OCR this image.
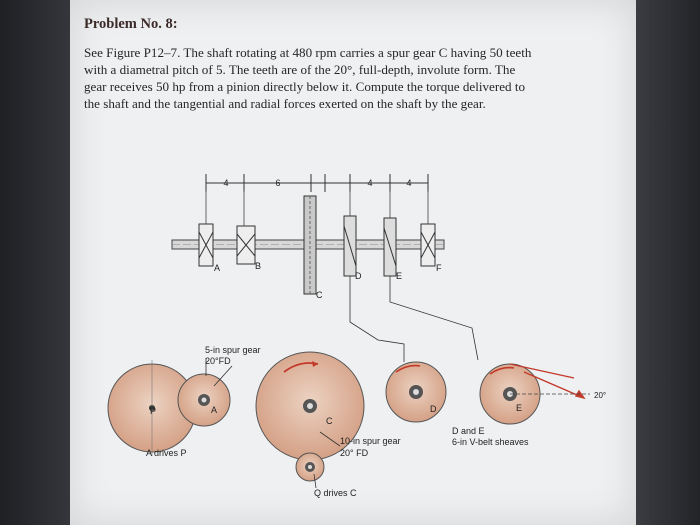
Problem No. 8:
See Figure P12–7. The shaft rotating at 480 rpm carries a spur gear C having 50 teeth
with a diametral pitch of 5. The teeth are of the 20°, full-depth, involute form. The
gear receives 50 hp from a pinion directly below it. Compute the torque delivered to
the shaft and the tangential and radial forces exerted on the shaft by the gear.
4	6	4	4
A	B
C
D	E
F
P	A
C
D	E
20°
5-in spur gear
20°FD
10-in spur gear
20° FD
D and E
6-in V-belt sheaves
A drives P
Q drives C
